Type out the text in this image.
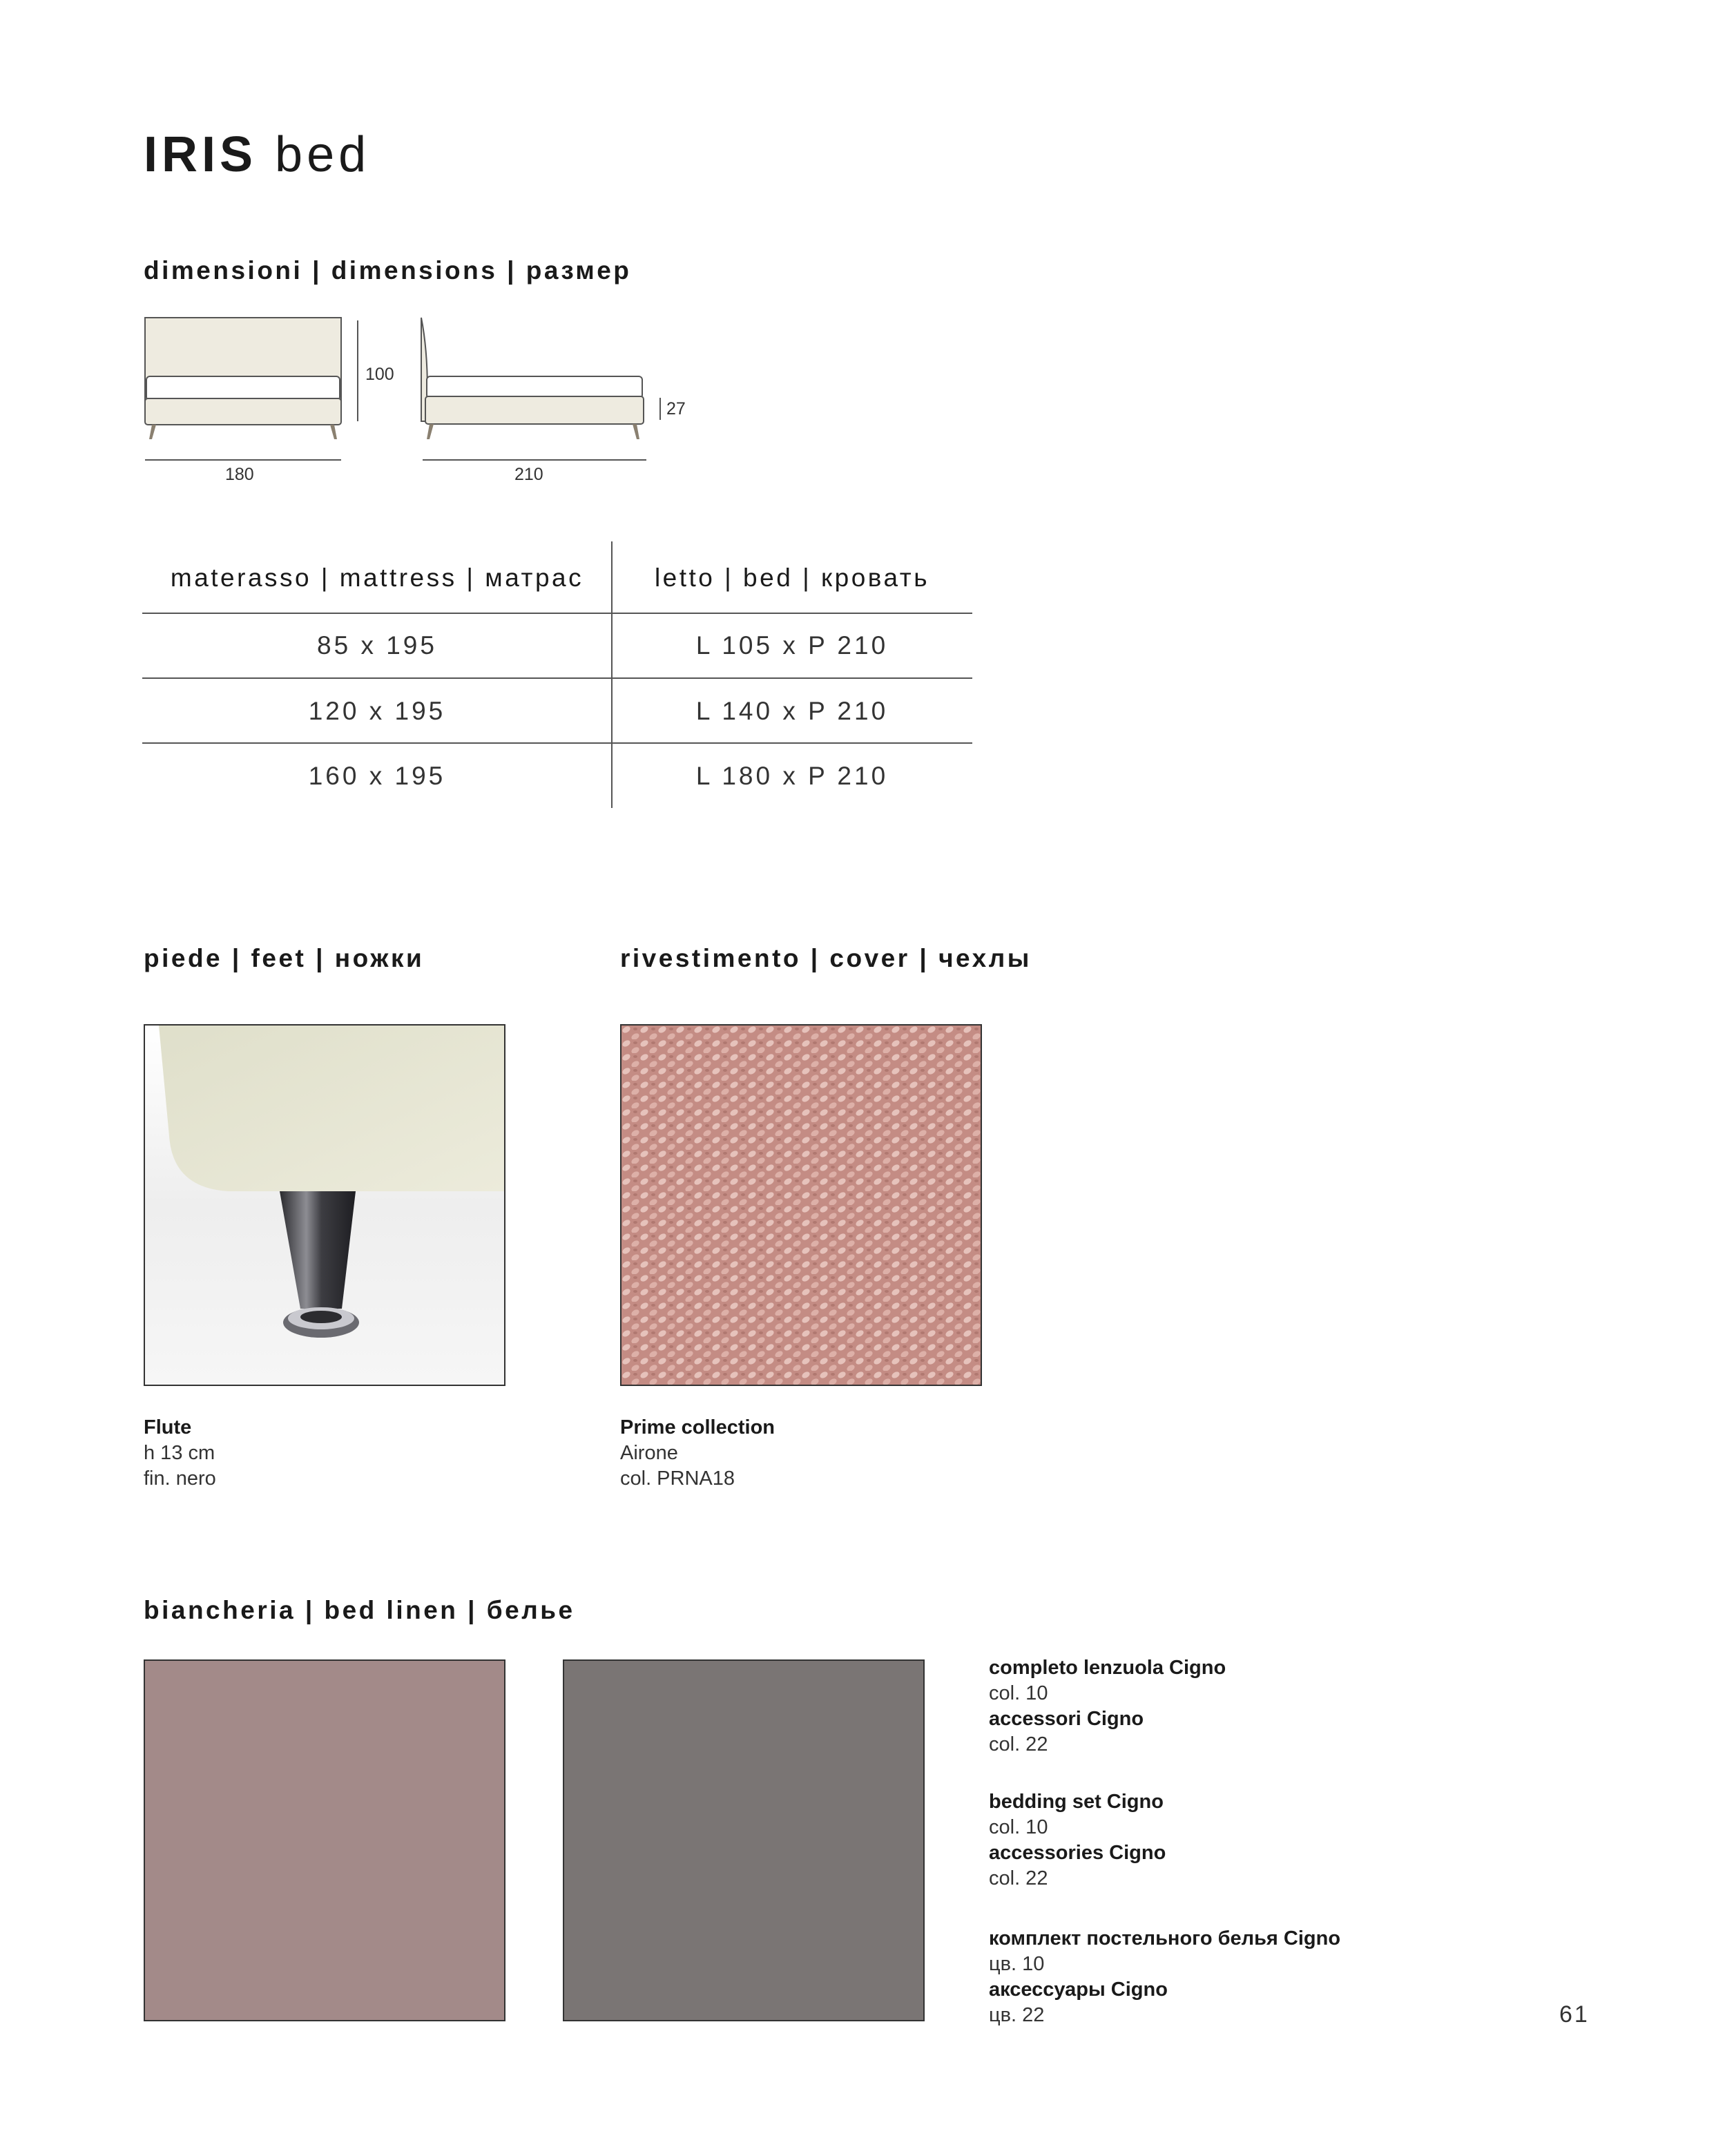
IRIS bed
dimensioni | dimensions | размер
100
180
27
210
materasso | mattress | матрас	letto | bed | кровать
85 x 195	L 105 x P 210
120 x 195	L 140 x P 210
160 x 195	L 180 x P 210
piede | feet | ножки
Flute
h 13 cm
fin. nero
rivestimento | cover | чехлы
Prime collection
Airone
col. PRNA18
biancheria | bed linen | белье
completo lenzuola Cigno
col. 10
accessori Cigno
col. 22
bedding set Cigno
col. 10
accessories Cigno
col. 22
комплект постельного белья Cigno
цв. 10
аксессуары Cigno
цв. 22	61
